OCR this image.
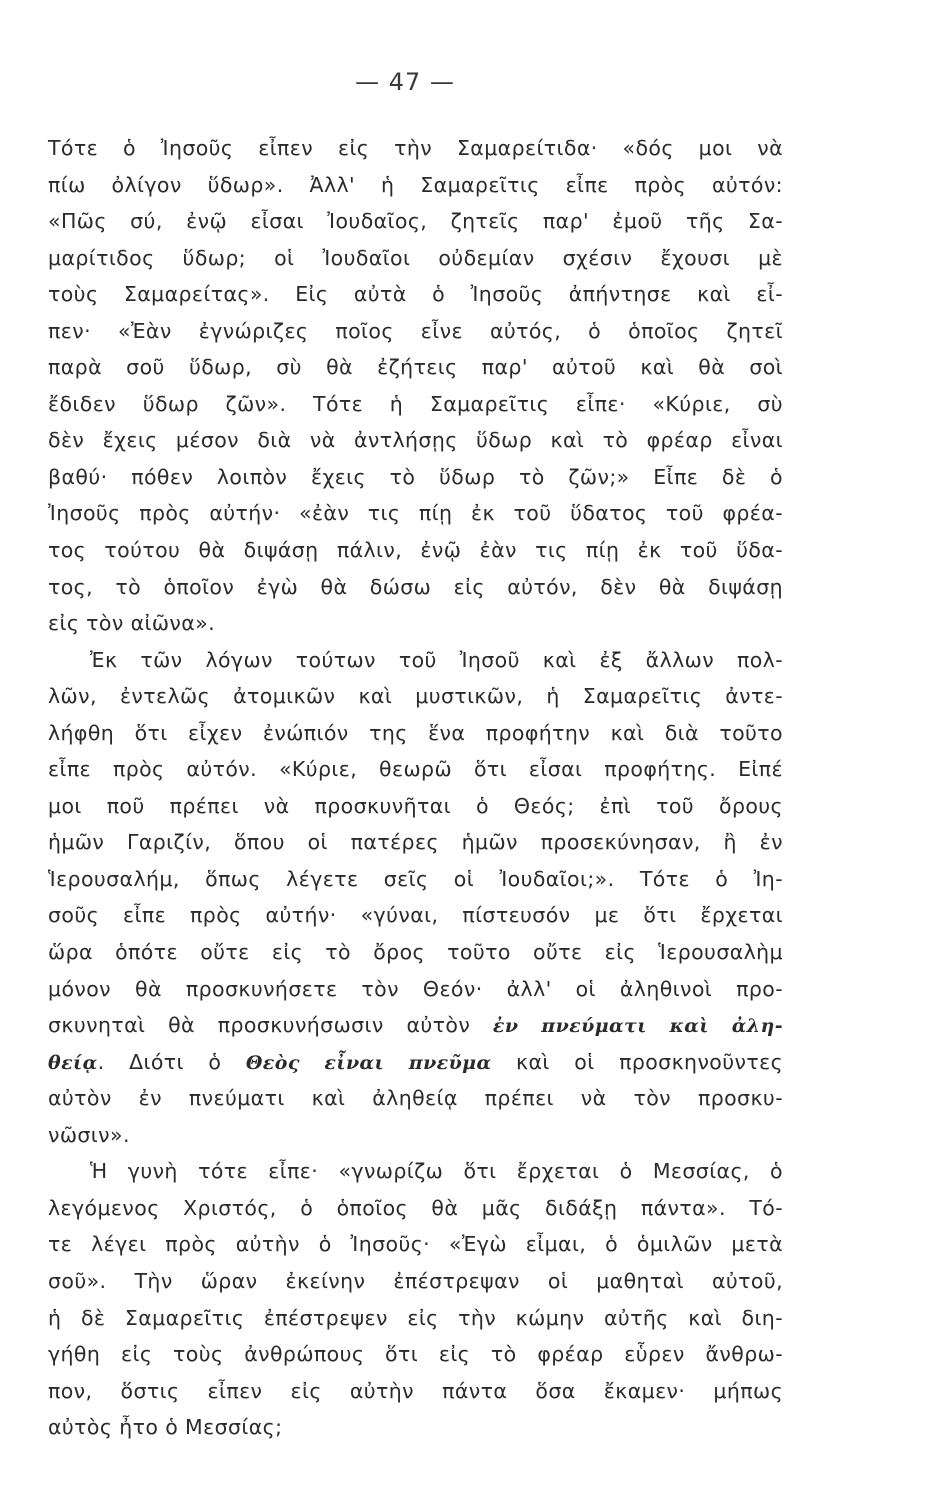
— 47 —
Τότε ὁ Ἰησοῦς εἶπεν εἰς τὴν Σαμαρείτιδα· «δός μοι νὰ
πίω ὀλίγον ὕδωρ». Ἀλλ' ἡ Σαμαρεῖτις εἶπε πρὸς αὐτόν:
«Πῶς σύ, ἐνῷ εἶσαι Ἰουδαῖος, ζητεῖς παρ' ἐμοῦ τῆς Σα-
μαρίτιδος ὕδωρ; οἱ Ἰουδαῖοι οὐδεμίαν σχέσιν ἔχουσι μὲ
τοὺς Σαμαρείτας». Εἰς αὐτὰ ὁ Ἰησοῦς ἀπήντησε καὶ εἶ-
πεν· «Ἐὰν ἐγνώριζες ποῖος εἶνε αὐτός, ὁ ὁποῖος ζητεῖ
παρὰ σοῦ ὕδωρ, σὺ θὰ ἐζήτεις παρ' αὐτοῦ καὶ θὰ σοὶ
ἔδιδεν ὕδωρ ζῶν». Τότε ἡ Σαμαρεῖτις εἶπε· «Κύριε, σὺ
δὲν ἔχεις μέσον διὰ νὰ ἀντλήσῃς ὕδωρ καὶ τὸ φρέαρ εἶναι
βαθύ· πόθεν λοιπὸν ἔχεις τὸ ὕδωρ τὸ ζῶν;» Εἶπε δὲ ὁ
Ἰησοῦς πρὸς αὐτήν· «ἐὰν τις πίῃ ἐκ τοῦ ὕδατος τοῦ φρέα-
τος τούτου θὰ διψάσῃ πάλιν, ἐνῷ ἐὰν τις πίῃ ἐκ τοῦ ὕδα-
τος, τὸ ὁποῖον ἐγὼ θὰ δώσω εἰς αὐτόν, δὲν θὰ διψάσῃ
εἰς τὸν αἰῶνα».
Ἐκ τῶν λόγων τούτων τοῦ Ἰησοῦ καὶ ἐξ ἄλλων πολ-
λῶν, ἐντελῶς ἀτομικῶν καὶ μυστικῶν, ἡ Σαμαρεῖτις ἀντε-
λήφθη ὅτι εἶχεν ἐνώπιόν της ἕνα προφήτην καὶ διὰ τοῦτο
εἶπε πρὸς αὐτόν. «Κύριε, θεωρῶ ὅτι εἶσαι προφήτης. Εἰπέ
μοι ποῦ πρέπει νὰ προσκυνῆται ὁ Θεός; ἐπὶ τοῦ ὄρους
ἡμῶν Γαριζίν, ὅπου οἱ πατέρες ἡμῶν προσεκύνησαν, ἢ ἐν
Ἱερουσαλήμ, ὅπως λέγετε σεῖς οἱ Ἰουδαῖοι;». Τότε ὁ Ἰη-
σοῦς εἶπε πρὸς αὐτήν· «γύναι, πίστευσόν με ὅτι ἔρχεται
ὥρα ὁπότε οὔτε εἰς τὸ ὄρος τοῦτο οὔτε εἰς Ἱερουσαλὴμ
μόνον θὰ προσκυνήσετε τὸν Θεόν· ἀλλ' οἱ ἀληθινοὶ προ-
σκυνηταὶ θὰ προσκυνήσωσιν αὐτὸν ἐν πνεύματι καὶ ἀλη-
θείᾳ. Διότι ὁ Θεὸς εἶναι πνεῦμα καὶ οἱ προσκηνοῦντες
αὐτὸν ἐν πνεύματι καὶ ἀληθείᾳ πρέπει νὰ τὸν προσκυ-
νῶσιν».
Ἡ γυνὴ τότε εἶπε· «γνωρίζω ὅτι ἔρχεται ὁ Μεσσίας, ὁ
λεγόμενος Χριστός, ὁ ὁποῖος θὰ μᾶς διδάξῃ πάντα». Τό-
τε λέγει πρὸς αὐτὴν ὁ Ἰησοῦς· «Ἐγὼ εἶμαι, ὁ ὁμιλῶν μετὰ
σοῦ». Τὴν ὥραν ἐκείνην ἐπέστρεψαν οἱ μαθηταὶ αὐτοῦ,
ἡ δὲ Σαμαρεῖτις ἐπέστρεψεν εἰς τὴν κώμην αὐτῆς καὶ διη-
γήθη εἰς τοὺς ἀνθρώπους ὅτι εἰς τὸ φρέαρ εὗρεν ἄνθρω-
πον, ὅστις εἶπεν εἰς αὐτὴν πάντα ὅσα ἔκαμεν· μήπως
αὐτὸς ἦτο ὁ Μεσσίας;
